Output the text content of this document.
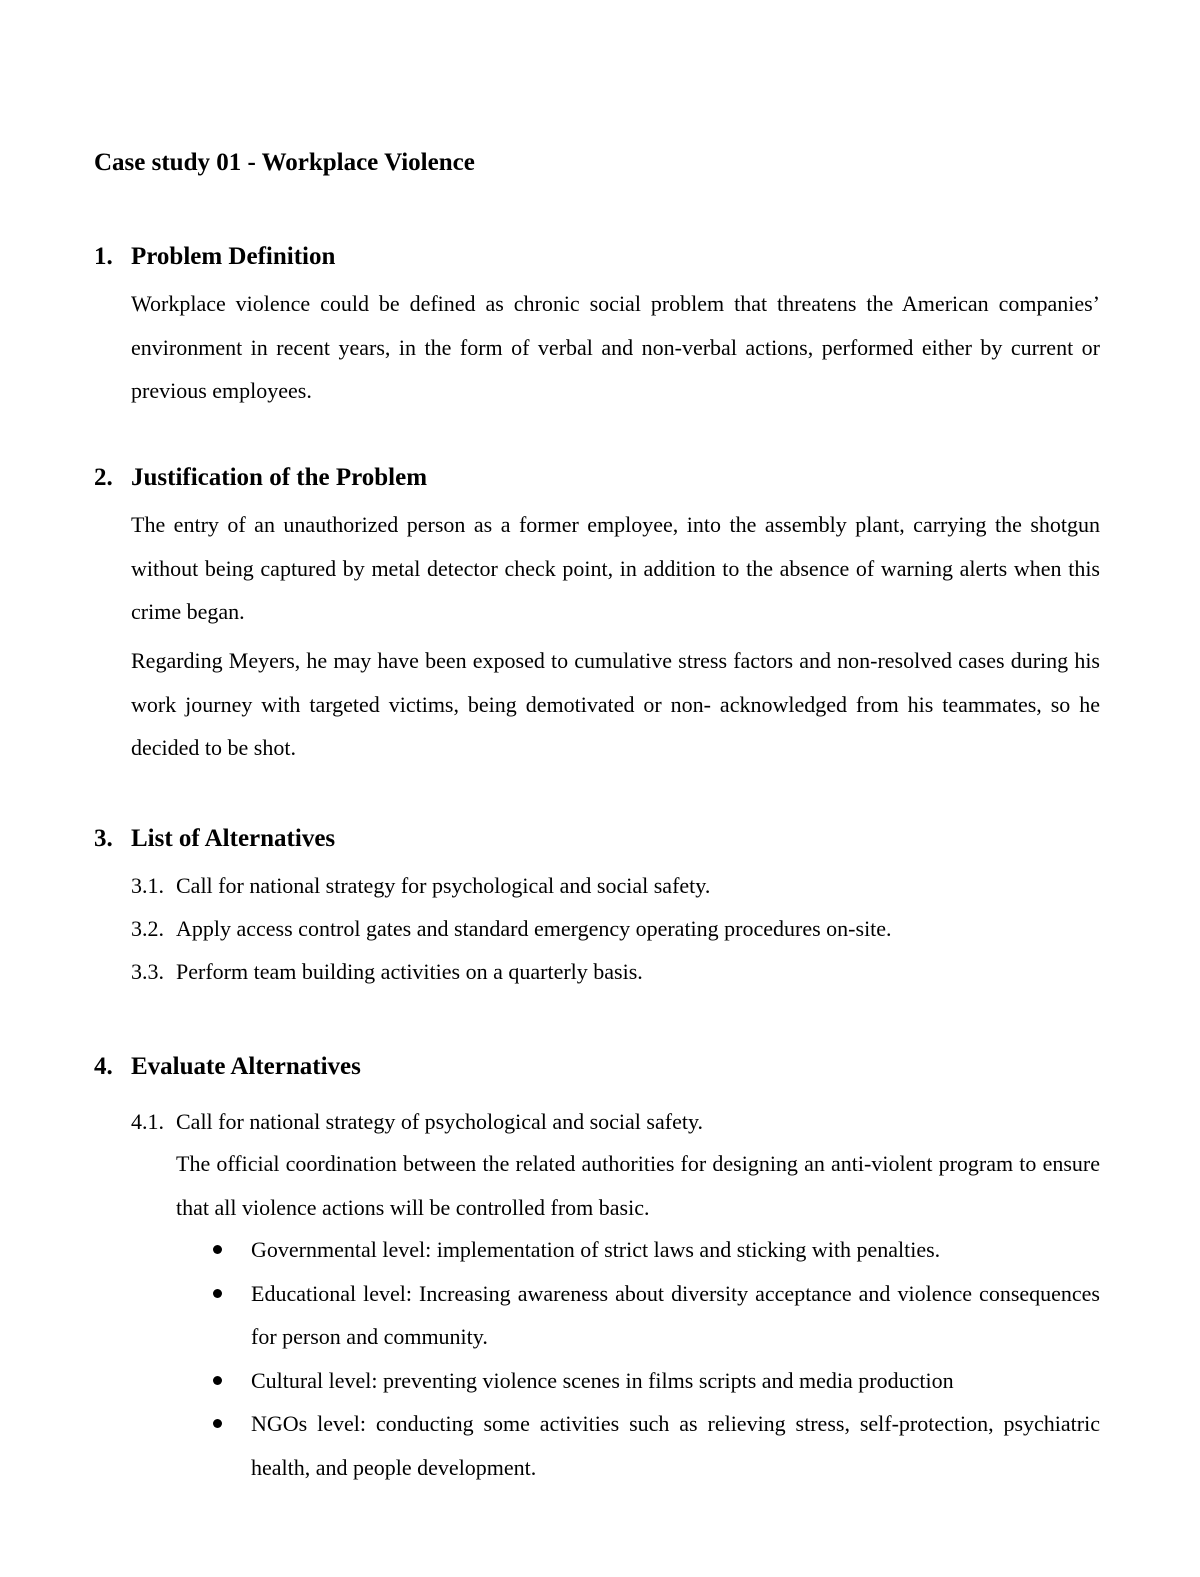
Case study 01 - Workplace Violence
1. Problem Definition

Workplace violence could be defined as chronic social problem that threatens the American companies’ environment in recent years, in the form of verbal and non-verbal actions, performed either by current or previous employees.

2. Justification of the Problem

The entry of an unauthorized person as a former employee, into the assembly plant, carrying the shotgun without being captured by metal detector check point, in addition to the absence of warning alerts when this crime began.

Regarding Meyers, he may have been exposed to cumulative stress factors and non-resolved cases during his work journey with targeted victims, being demotivated or non- acknowledged from his teammates, so he decided to be shot.

3. List of Alternatives

3.1. Call for national strategy for psychological and social safety.

3.2. Apply access control gates and standard emergency operating procedures on-site.

3.3. Perform team building activities on a quarterly basis.

4. Evaluate Alternatives

4.1. Call for national strategy of psychological and social safety.

The official coordination between the related authorities for designing an anti-violent program to ensure that all violence actions will be controlled from basic.

Governmental level: implementation of strict laws and sticking with penalties.
Educational level: Increasing awareness about diversity acceptance and violence consequences for person and community.
Cultural level: preventing violence scenes in films scripts and media production
NGOs level: conducting some activities such as relieving stress, self-protection, psychiatric health, and people development.
